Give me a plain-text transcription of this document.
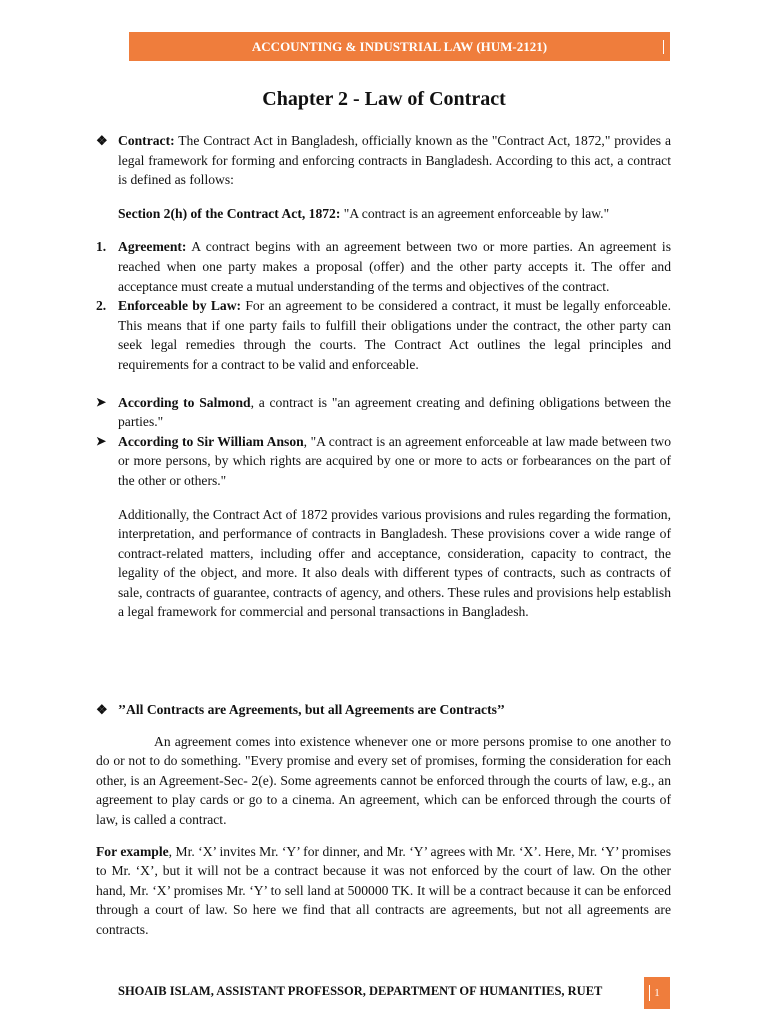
ACCOUNTING & INDUSTRIAL LAW (HUM-2121)
Chapter 2 - Law of Contract

❖ Contract: The Contract Act in Bangladesh, officially known as the "Contract Act, 1872," provides a legal framework for forming and enforcing contracts in Bangladesh. According to this act, a contract is defined as follows:

Section 2(h) of the Contract Act, 1872: "A contract is an agreement enforceable by law."

1. Agreement: A contract begins with an agreement between two or more parties. An agreement is reached when one party makes a proposal (offer) and the other party accepts it. The offer and acceptance must create a mutual understanding of the terms and objectives of the contract.

2. Enforceable by Law: For an agreement to be considered a contract, it must be legally enforceable. This means that if one party fails to fulfill their obligations under the contract, the other party can seek legal remedies through the courts. The Contract Act outlines the legal principles and requirements for a contract to be valid and enforceable.

➤ According to Salmond, a contract is "an agreement creating and defining obligations between the parties."

➤ According to Sir William Anson, "A contract is an agreement enforceable at law made between two or more persons, by which rights are acquired by one or more to acts or forbearances on the part of the other or others."

Additionally, the Contract Act of 1872 provides various provisions and rules regarding the formation, interpretation, and performance of contracts in Bangladesh. These provisions cover a wide range of contract-related matters, including offer and acceptance, consideration, capacity to contract, the legality of the object, and more. It also deals with different types of contracts, such as contracts of sale, contracts of guarantee, contracts of agency, and others. These rules and provisions help establish a legal framework for commercial and personal transactions in Bangladesh.

❖ ’’All Contracts are Agreements, but all Agreements are Contracts’’

An agreement comes into existence whenever one or more persons promise to one another to do or not to do something. "Every promise and every set of promises, forming the consideration for each other, is an Agreement-Sec- 2(e). Some agreements cannot be enforced through the courts of law, e.g., an agreement to play cards or go to a cinema. An agreement, which can be enforced through the courts of law, is called a contract.

For example, Mr. ‘X’ invites Mr. ‘Y’ for dinner, and Mr. ‘Y’ agrees with Mr. ‘X’. Here, Mr. ‘Y’ promises to Mr. ‘X’, but it will not be a contract because it was not enforced by the court of law. On the other hand, Mr. ‘X’ promises Mr. ‘Y’ to sell land at 500000 TK. It will be a contract because it can be enforced through a court of law. So here we find that all contracts are agreements, but not all agreements are contracts.

SHOAIB ISLAM, ASSISTANT PROFESSOR, DEPARTMENT OF HUMANITIES, RUET	1
